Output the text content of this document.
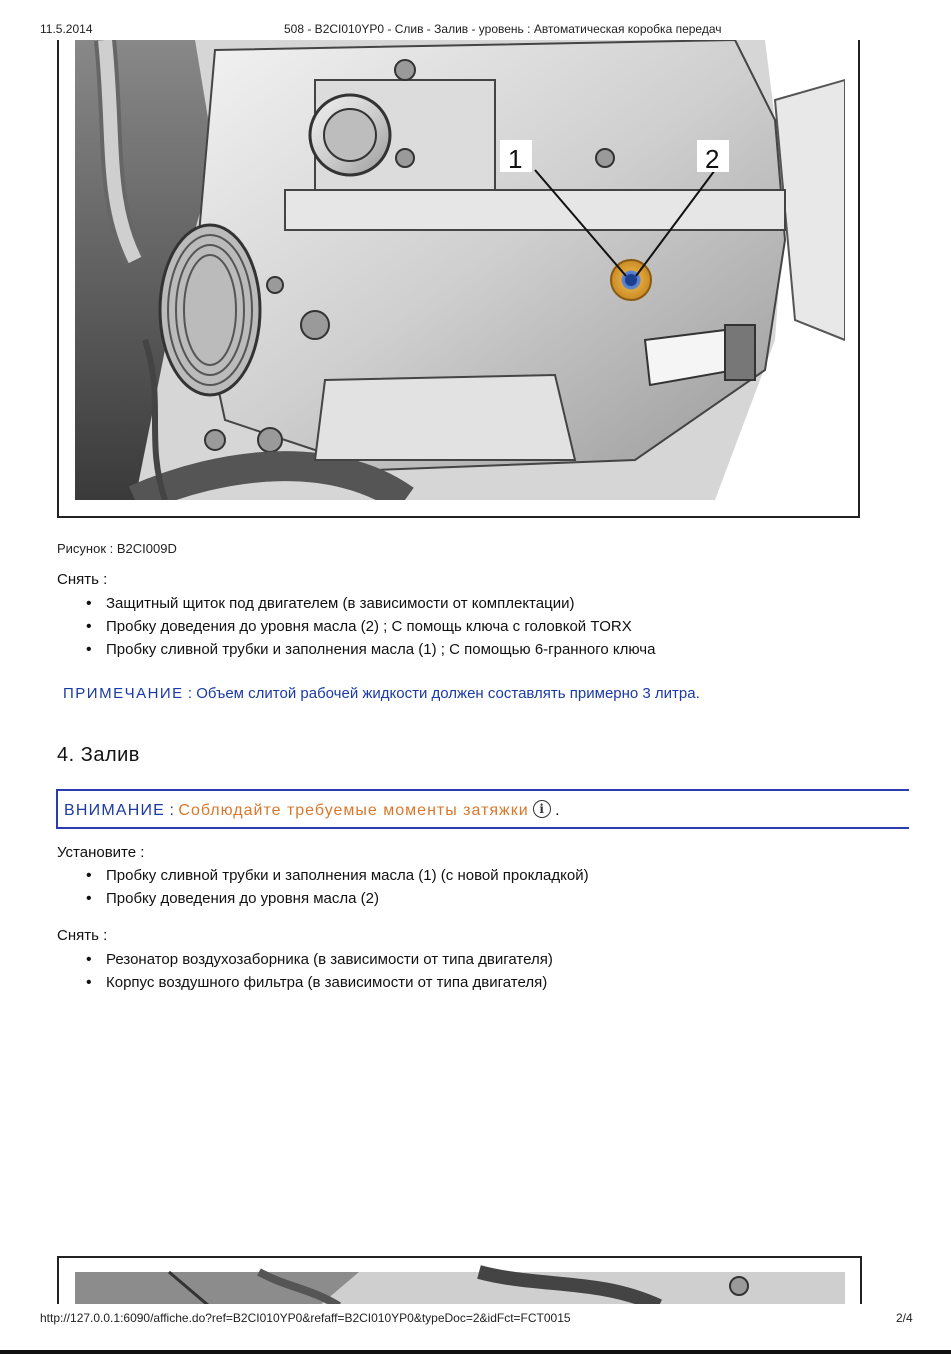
11.5.2014	508 - B2CI010YP0 - Слив - Залив - уровень : Автоматическая коробка передач
1	2
Рисунок : B2CI009D
Снять :
• Защитный щиток под двигателем (в зависимости от комплектации)
• Пробку доведения до уровня масла (2) ; С помощь ключа с головкой TORX
• Пробку сливной трубки и заполнения масла (1) ; С помощью 6-гранного ключа
ПРИМЕЧАНИЕ : Объем слитой рабочей жидкости должен составлять примерно 3 литра.
4. Залив
ВНИМАНИЕ : Соблюдайте требуемые моменты затяжки i .
Установите :
• Пробку сливной трубки и заполнения масла (1) (с новой прокладкой)
• Пробку доведения до уровня масла (2)
Снять :
• Резонатор воздухозаборника (в зависимости от типа двигателя)
• Корпус воздушного фильтра (в зависимости от типа двигателя)
http://127.0.0.1:6090/affiche.do?ref=B2CI010YP0&refaff=B2CI010YP0&typeDoc=2&idFct=FCT0015	2/4
